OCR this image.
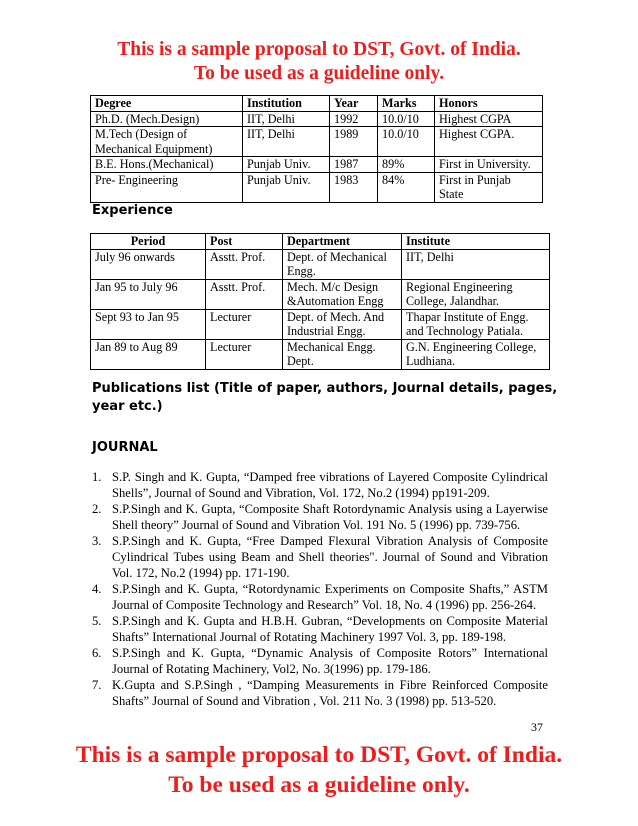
This is a sample proposal to DST, Govt. of India.
To be used as a guideline only.
Degree	Institution	Year	Marks	Honors
Ph.D. (Mech.Design)	IIT, Delhi	1992	10.0/10	Highest CGPA
M.Tech (Design of Mechanical Equipment)	IIT, Delhi	1989	10.0/10	Highest CGPA.
B.E. Hons.(Mechanical)	Punjab Univ.	1987	89%	First in University.
Pre- Engineering	Punjab Univ.	1983	84%	First in Punjab State
Experience
Period	Post	Department	Institute
July 96 onwards	Asstt. Prof.	Dept. of Mechanical Engg.	IIT, Delhi
Jan 95 to July 96	Asstt. Prof.	Mech. M/c Design &Automation Engg	Regional Engineering College, Jalandhar.
Sept 93 to Jan 95	Lecturer	Dept. of Mech. And Industrial Engg.	Thapar Institute of Engg. and Technology Patiala.
Jan 89 to Aug 89	Lecturer	Mechanical Engg. Dept.	G.N. Engineering College, Ludhiana.
Publications list (Title of paper, authors, Journal details, pages, year etc.)
JOURNAL
1. S.P. Singh and K. Gupta, “Damped free vibrations of Layered Composite Cylindrical Shells”, Journal of Sound and Vibration, Vol. 172, No.2 (1994) pp191-209.
2. S.P.Singh and K. Gupta, “Composite Shaft Rotordynamic Analysis using a Layerwise Shell theory” Journal of Sound and Vibration Vol. 191 No. 5 (1996) pp. 739-756.
3. S.P.Singh and K. Gupta, “Free Damped Flexural Vibration Analysis of Composite Cylindrical Tubes using Beam and Shell theories". Journal of Sound and Vibration Vol. 172, No.2 (1994) pp. 171-190.
4. S.P.Singh and K. Gupta, “Rotordynamic Experiments on Composite Shafts,” ASTM Journal of Composite Technology and Research” Vol. 18, No. 4 (1996) pp. 256-264.
5. S.P.Singh and K. Gupta and H.B.H. Gubran, “Developments on Composite Material Shafts” International Journal of Rotating Machinery 1997 Vol. 3, pp. 189-198.
6. S.P.Singh and K. Gupta, “Dynamic Analysis of Composite Rotors” International Journal of Rotating Machinery, Vol2, No. 3(1996) pp. 179-186.
7. K.Gupta and S.P.Singh , “Damping Measurements in Fibre Reinforced Composite Shafts” Journal of Sound and Vibration , Vol. 211 No. 3 (1998) pp. 513-520.
37
This is a sample proposal to DST, Govt. of India.
To be used as a guideline only.
